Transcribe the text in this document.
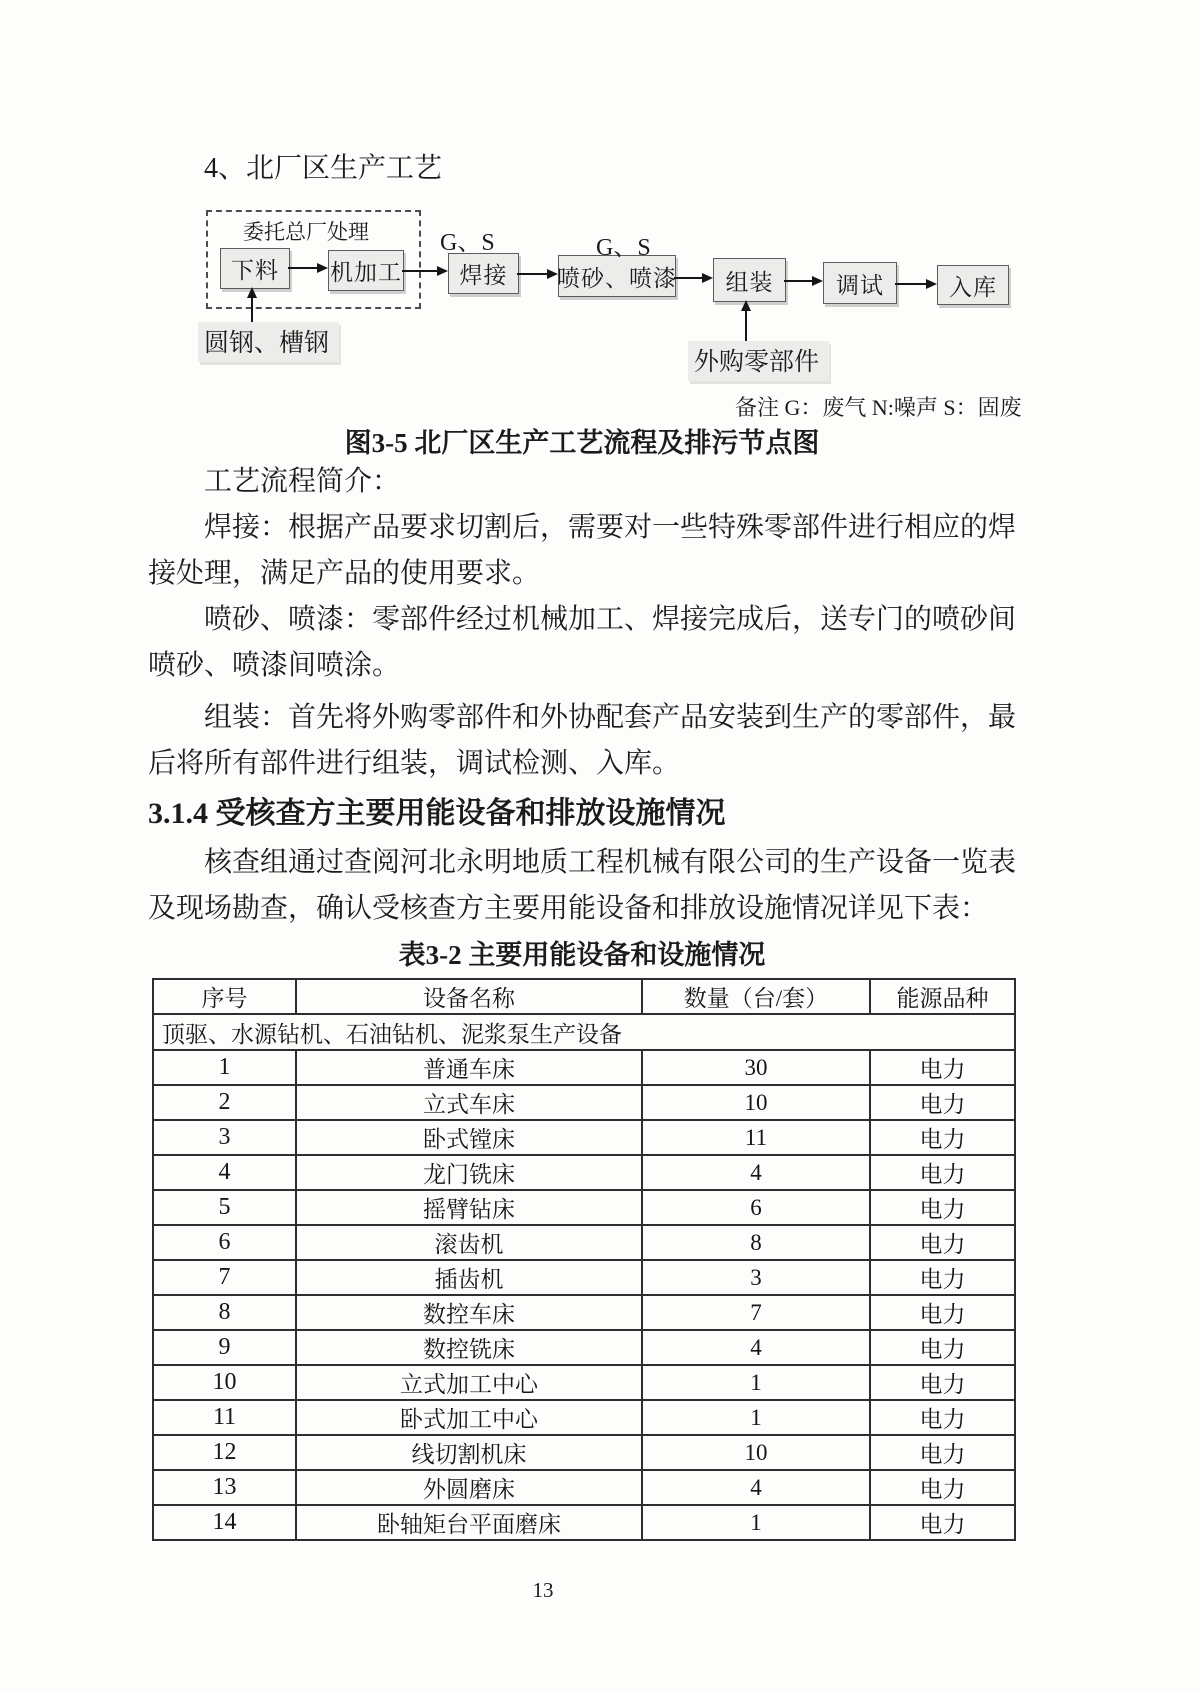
4、北厂区生产工艺
委托总厂处理
下料	机加工	焊接	喷砂、喷漆	组装	调试	入库
G、S	G、S
圆钢、槽钢
外购零部件
备注 G：废气 N:噪声 S：固废
图3-5 北厂区生产工艺流程及排污节点图
工艺流程简介：
焊接：根据产品要求切割后，需要对一些特殊零部件进行相应的焊接处理，满足产品的使用要求。
喷砂、喷漆：零部件经过机械加工、焊接完成后，送专门的喷砂间喷砂、喷漆间喷涂。
组装：首先将外购零部件和外协配套产品安装到生产的零部件，最后将所有部件进行组装，调试检测、入库。
3.1.4 受核查方主要用能设备和排放设施情况
核查组通过查阅河北永明地质工程机械有限公司的生产设备一览表及现场勘查，确认受核查方主要用能设备和排放设施情况详见下表：
表3-2 主要用能设备和设施情况
序号	设备名称	数量（台/套）	能源品种
顶驱、水源钻机、石油钻机、泥浆泵生产设备			
1	普通车床	30	电力
2	立式车床	10	电力
3	卧式镗床	11	电力
4	龙门铣床	4	电力
5	摇臂钻床	6	电力
6	滚齿机	8	电力
7	插齿机	3	电力
8	数控车床	7	电力
9	数控铣床	4	电力
10	立式加工中心	1	电力
11	卧式加工中心	1	电力
12	线切割机床	10	电力
13	外圆磨床	4	电力
14	卧轴矩台平面磨床	1	电力
13
